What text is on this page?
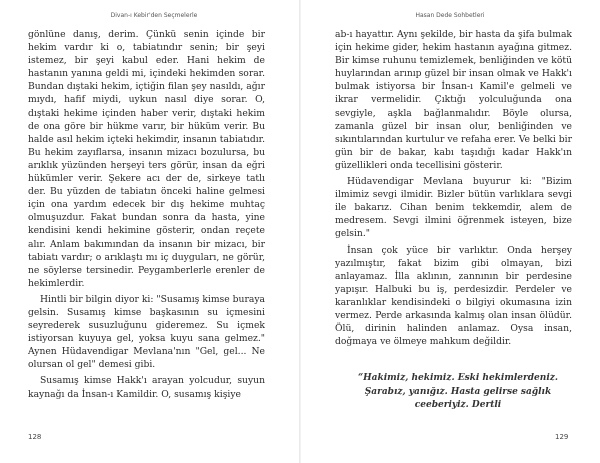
Divan-ı Kebir'den Seçmelerle

gönlüne danış, derim. Çünkü senin içinde bir hekim vardır ki o, tabiatındır senin; bir şeyi istemez, bir şeyi kabul eder. Hani hekim de hastanın yanına geldi mi, içindeki hekimden sorar. Bundan dıştaki hekim, içtiğin filan şey nasıldı, ağır mıydı, hafif miydi, uykun nasıl diye sorar. O, dıştaki hekime içinden haber verir, dıştaki hekim de ona göre bir hükme varır, bir hüküm verir. Bu halde asıl hekim içteki hekimdir, insanın tabiatıdır. Bu hekim zayıflarsa, insanın mizacı bozulursa, bu arıklık yüzünden herşeyi ters görür, insan da eğri hükümler verir. Şekere acı der de, sirkeye tatlı der. Bu yüzden de tabiatın önceki haline gelmesi için ona yardım edecek bir dış hekime muhtaç olmuşuzdur. Fakat bundan sonra da hasta, yine kendisini kendi hekimine gösterir, ondan reçete alır. Anlam bakımından da insanın bir mizacı, bir tabiatı vardır; o arıklaştı mı iç duyguları, ne görür, ne söylerse tersinedir. Peygamberlerle erenler de hekimlerdir.

Hintli bir bilgin diyor ki: "Susamış kimse buraya gelsin. Susamış kimse başkasının su içmesini seyrederek susuzluğunu gideremez. Su içmek istiyorsan kuyuya gel, yoksa kuyu sana gelmez." Aynen Hüdavendigar Mevlana'nın "Gel, gel... Ne olursan ol gel" demesi gibi.

Susamış kimse Hakk'ı arayan yolcudur, suyun kaynağı da İnsan-ı Kamildir. O, susamış kişiye

128
Hasan Dede Sohbetleri

ab-ı hayattır. Aynı şekilde, bir hasta da şifa bulmak için hekime gider, hekim hastanın ayağına gitmez. Bir kimse ruhunu temizlemek, benliğinden ve kötü huylarından arınıp güzel bir insan olmak ve Hakk'ı bulmak istiyorsa bir İnsan-ı Kamil'e gelmeli ve ikrar vermelidir. Çıktığı yolculuğunda ona sevgiyle, aşkla bağlanmalıdır. Böyle olursa, zamanla güzel bir insan olur, benliğinden ve sıkıntılarından kurtulur ve refaha erer. Ve belki bir gün bir de bakar, kabı taşıdığı kadar Hakk'ın güzellikleri onda tecellisini gösterir.

Hüdavendigar Mevlana buyurur ki: "Bizim ilmimiz sevgi ilmidir. Bizler bütün varlıklara sevgi ile bakarız. Cihan benim tekkemdir, alem de medresem. Sevgi ilmini öğrenmek isteyen, bize gelsin."

İnsan çok yüce bir varlıktır. Onda herşey yazılmıştır, fakat bizim gibi olmayan, bizi anlayamaz. İlla aklının, zannının bir perdesine yapışır. Halbuki bu iş, perdesizdir. Perdeler ve karanlıklar kendisindeki o bilgiyi okumasına izin vermez. Perde arkasında kalmış olan insan ölüdür. Ölü, dirinin halinden anlamaz. Oysa insan, doğmaya ve ölmeye mahkum değildir.

“Hakimiz, hekimiz. Eski hekimlerdeniz. Şarabız, yanığız. Hasta gelirse sağlık ceeberiyiz. Dertli
129
